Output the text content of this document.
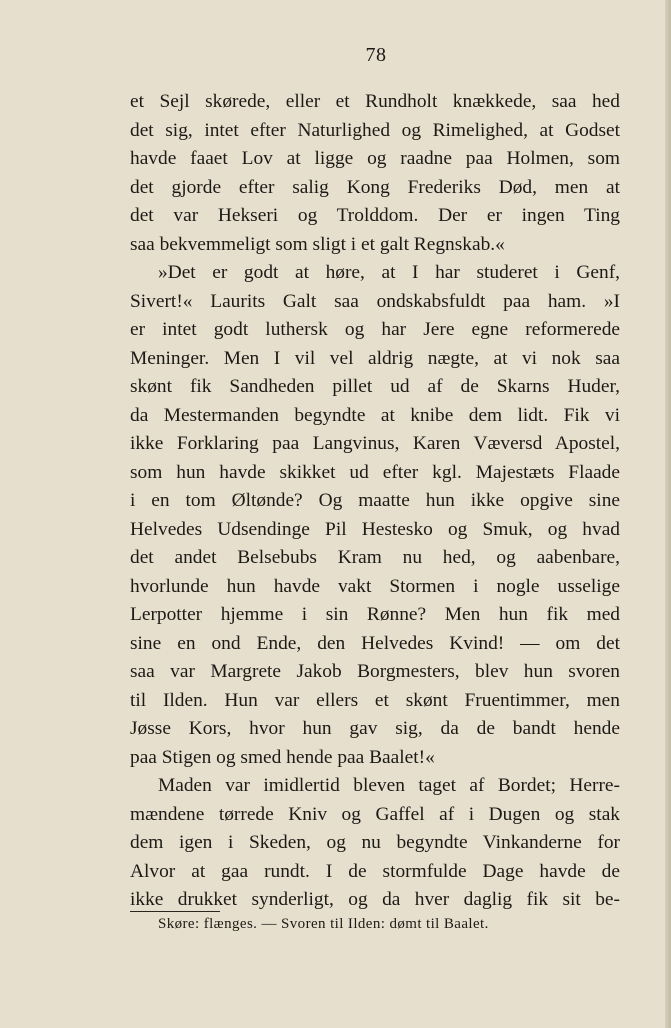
78
et Sejl skørede, eller et Rundholt knækkede, saa hed
det sig, intet efter Naturlighed og Rimelighed, at Godset
havde faaet Lov at ligge og raadne paa Holmen, som
det gjorde efter salig Kong Frederiks Død, men at
det var Hekseri og Trolddom. Der er ingen Ting
saa bekvemmeligt som sligt i et galt Regnskab.«
»Det er godt at høre, at I har studeret i Genf,
Sivert!« Laurits Galt saa ondskabsfuldt paa ham. »I
er intet godt luthersk og har Jere egne reformerede
Meninger. Men I vil vel aldrig nægte, at vi nok saa
skønt fik Sandheden pillet ud af de Skarns Huder,
da Mestermanden begyndte at knibe dem lidt. Fik vi
ikke Forklaring paa Langvinus, Karen Væversd Apostel,
som hun havde skikket ud efter kgl. Majestæts Flaade
i en tom Øltønde? Og maatte hun ikke opgive sine
Helvedes Udsendinge Pil Hestesko og Smuk, og hvad
det andet Belsebubs Kram nu hed, og aabenbare,
hvorlunde hun havde vakt Stormen i nogle usselige
Lerpotter hjemme i sin Rønne? Men hun fik med
sine en ond Ende, den Helvedes Kvind! — om det
saa var Margrete Jakob Borgmesters, blev hun svoren
til Ilden. Hun var ellers et skønt Fruentimmer, men
Jøsse Kors, hvor hun gav sig, da de bandt hende
paa Stigen og smed hende paa Baalet!«
Maden var imidlertid bleven taget af Bordet; Herre-
mændene tørrede Kniv og Gaffel af i Dugen og stak
dem igen i Skeden, og nu begyndte Vinkanderne for
Alvor at gaa rundt. I de stormfulde Dage havde de
ikke drukket synderligt, og da hver daglig fik sit be-
Skøre: flænges. — Svoren til Ilden: dømt til Baalet.
